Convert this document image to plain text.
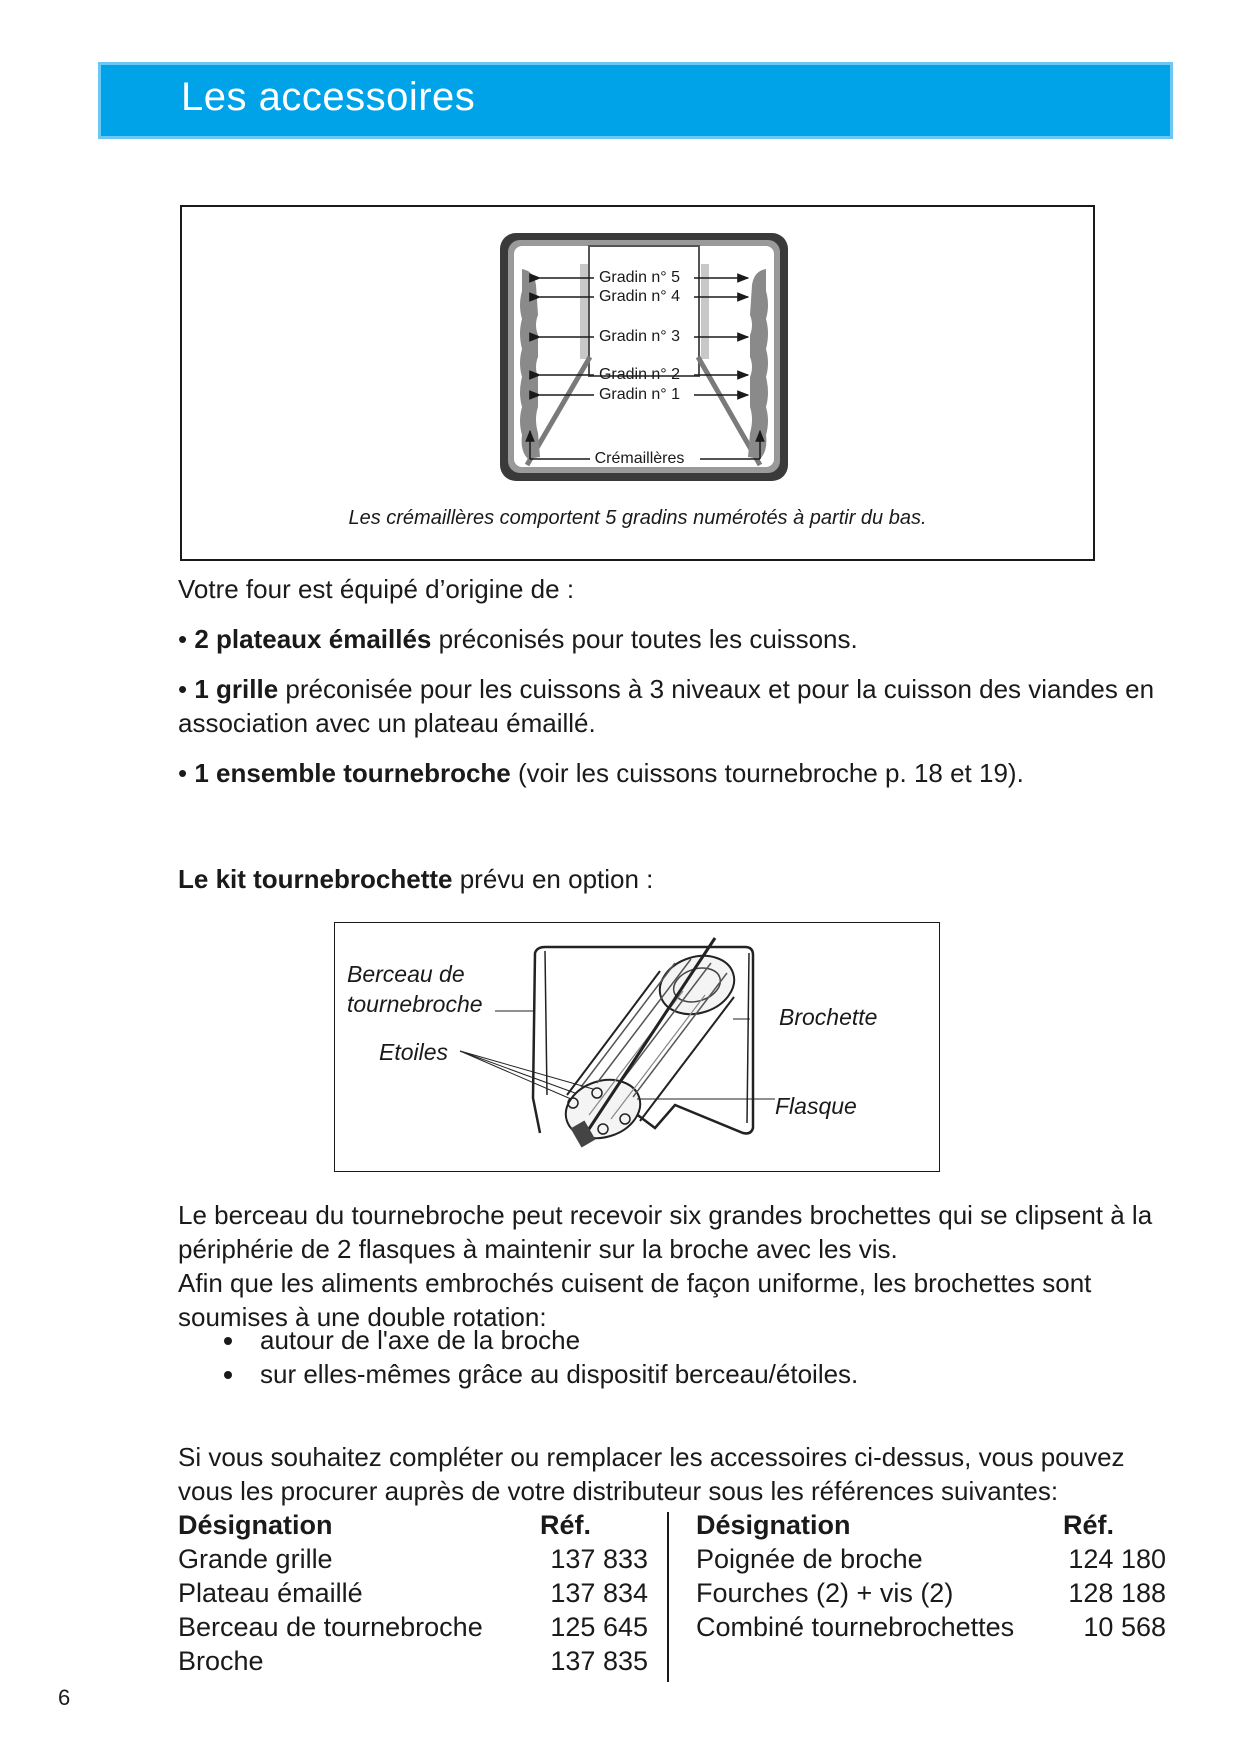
Les accessoires
Gradin n° 5
Gradin n° 4
Gradin n° 3
Gradin n° 2
Gradin n° 1
Crémaillères
Les crémaillères comportent 5 gradins numérotés à partir du bas.
Votre four est équipé d’origine de :
• 2 plateaux émaillés préconisés pour toutes les cuissons.
• 1 grille préconisée pour les cuissons à 3 niveaux et pour la cuisson des viandes en association avec un plateau émaillé.
• 1 ensemble tournebroche (voir les cuissons tournebroche p. 18 et 19).
Le kit tournebrochette prévu en option :
Berceau de
tournebroche
Etoiles
Brochette
Flasque
Le berceau du tournebroche peut recevoir six grandes brochettes qui se clipsent à la périphérie de 2 flasques à maintenir sur la broche avec les vis.
Afin que les aliments embrochés cuisent de façon uniforme, les brochettes sont soumises à une double rotation:
autour de l'axe de la broche
sur elles-mêmes grâce au dispositif berceau/étoiles.
Si vous souhaitez compléter ou remplacer les accessoires ci-dessus, vous pouvez vous les procurer auprès de votre distributeur sous les références suivantes:
Désignation	Réf.
Grande grille	137 833
Plateau émaillé	137 834
Berceau de tournebroche	125 645
Broche	137 835
Désignation	Réf.
Poignée de broche	124 180
Fourches (2) + vis (2)	128 188
Combiné tournebrochettes	10 568
6
